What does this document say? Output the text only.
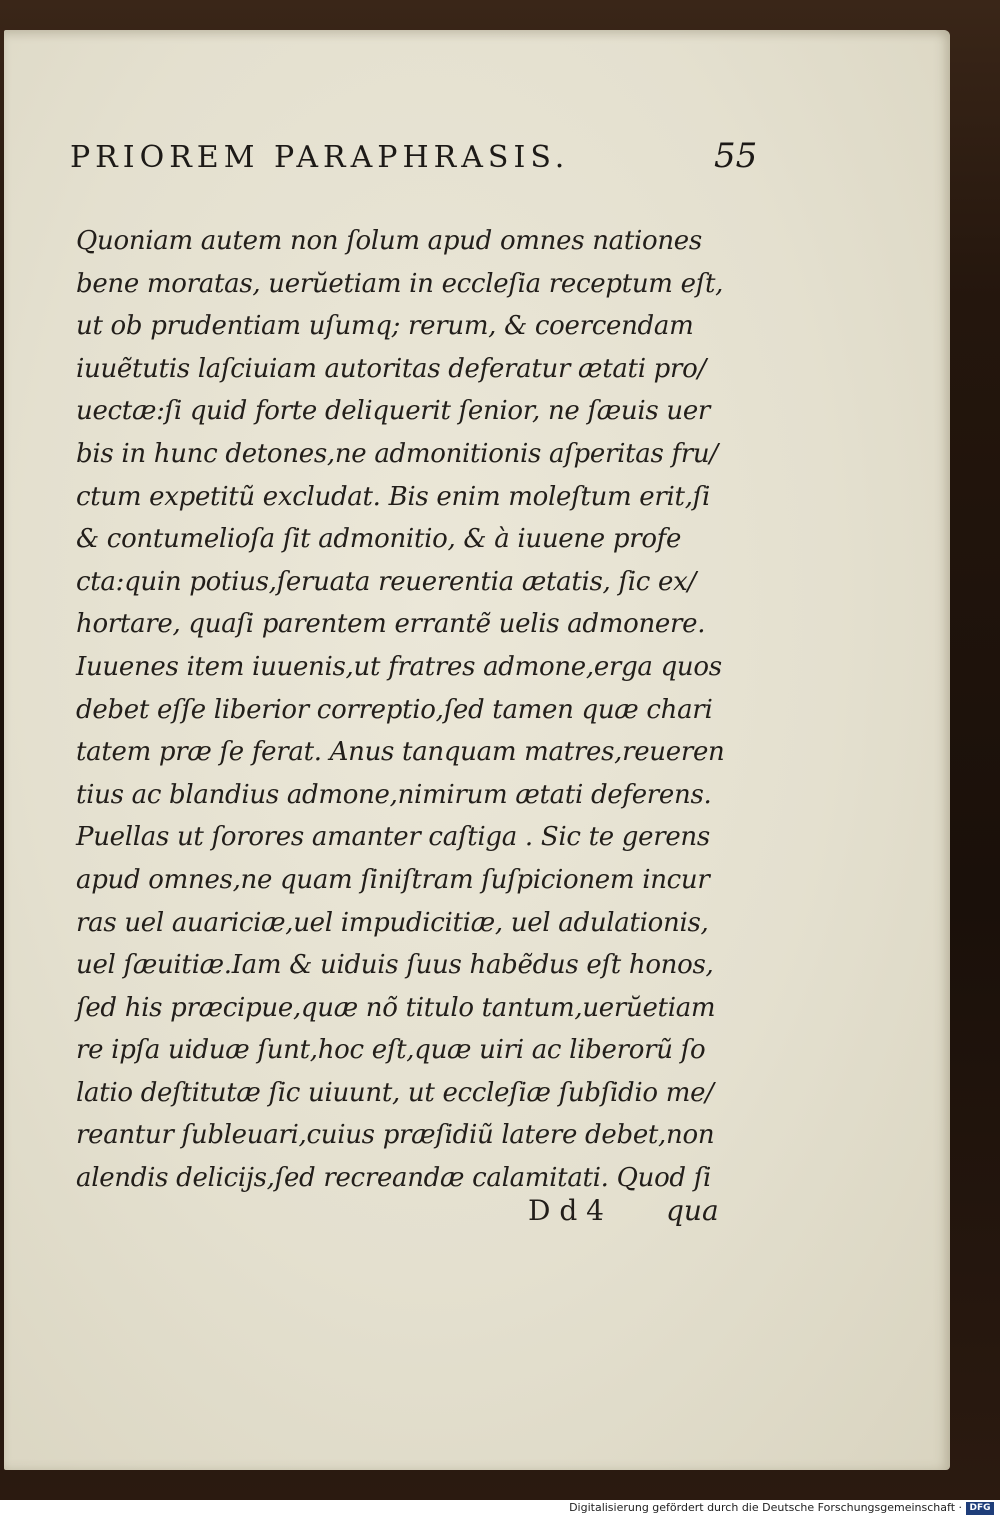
PRIOREM PARAPHRASIS.	55
Quoniam autem non ſolum apud omnes nationes
bene moratas, uerŭetiam in eccleſia receptum eſt,
ut ob prudentiam uſumq; rerum, & coercendam
iuuẽtutis laſciuiam autoritas deferatur ætati pro/
uectæ:ſi quid forte deliquerit ſenior, ne ſæuis uer
bis in hunc detones,ne admonitionis aſperitas fru/
ctum expetitũ excludat. Bis enim moleſtum erit,ſi
& contumelioſa ſit admonitio, & à iuuene profe
cta:quin potius,ſeruata reuerentia ætatis, ſic ex/
hortare, quaſi parentem errantẽ uelis admonere.
Iuuenes item iuuenis,ut fratres admone,erga quos
debet eſſe liberior correptio,ſed tamen quæ chari
tatem præ ſe ferat. Anus tanquam matres,reueren
tius ac blandius admone,nimirum ætati deferens.
Puellas ut ſorores amanter caſtiga . Sic te gerens
apud omnes,ne quam ſiniſtram ſuſpicionem incur
ras uel auariciæ,uel impudicitiæ, uel adulationis,
uel ſæuitiæ.Iam & uiduis ſuus habẽdus eſt honos,
ſed his præcipue,quæ nõ titulo tantum,uerŭetiam
re ipſa uiduæ ſunt,hoc eſt,quæ uiri ac liberorũ ſo
latio deſtitutæ ſic uiuunt, ut eccleſiæ ſubſidio me/
reantur ſubleuari,cuius præſidiũ latere debet,non
alendis delicijs,ſed recreandæ calamitati. Quod ſi
D d 4 qua
Digitalisierung gefördert durch die Deutsche Forschungsgemeinschaft · DFG
